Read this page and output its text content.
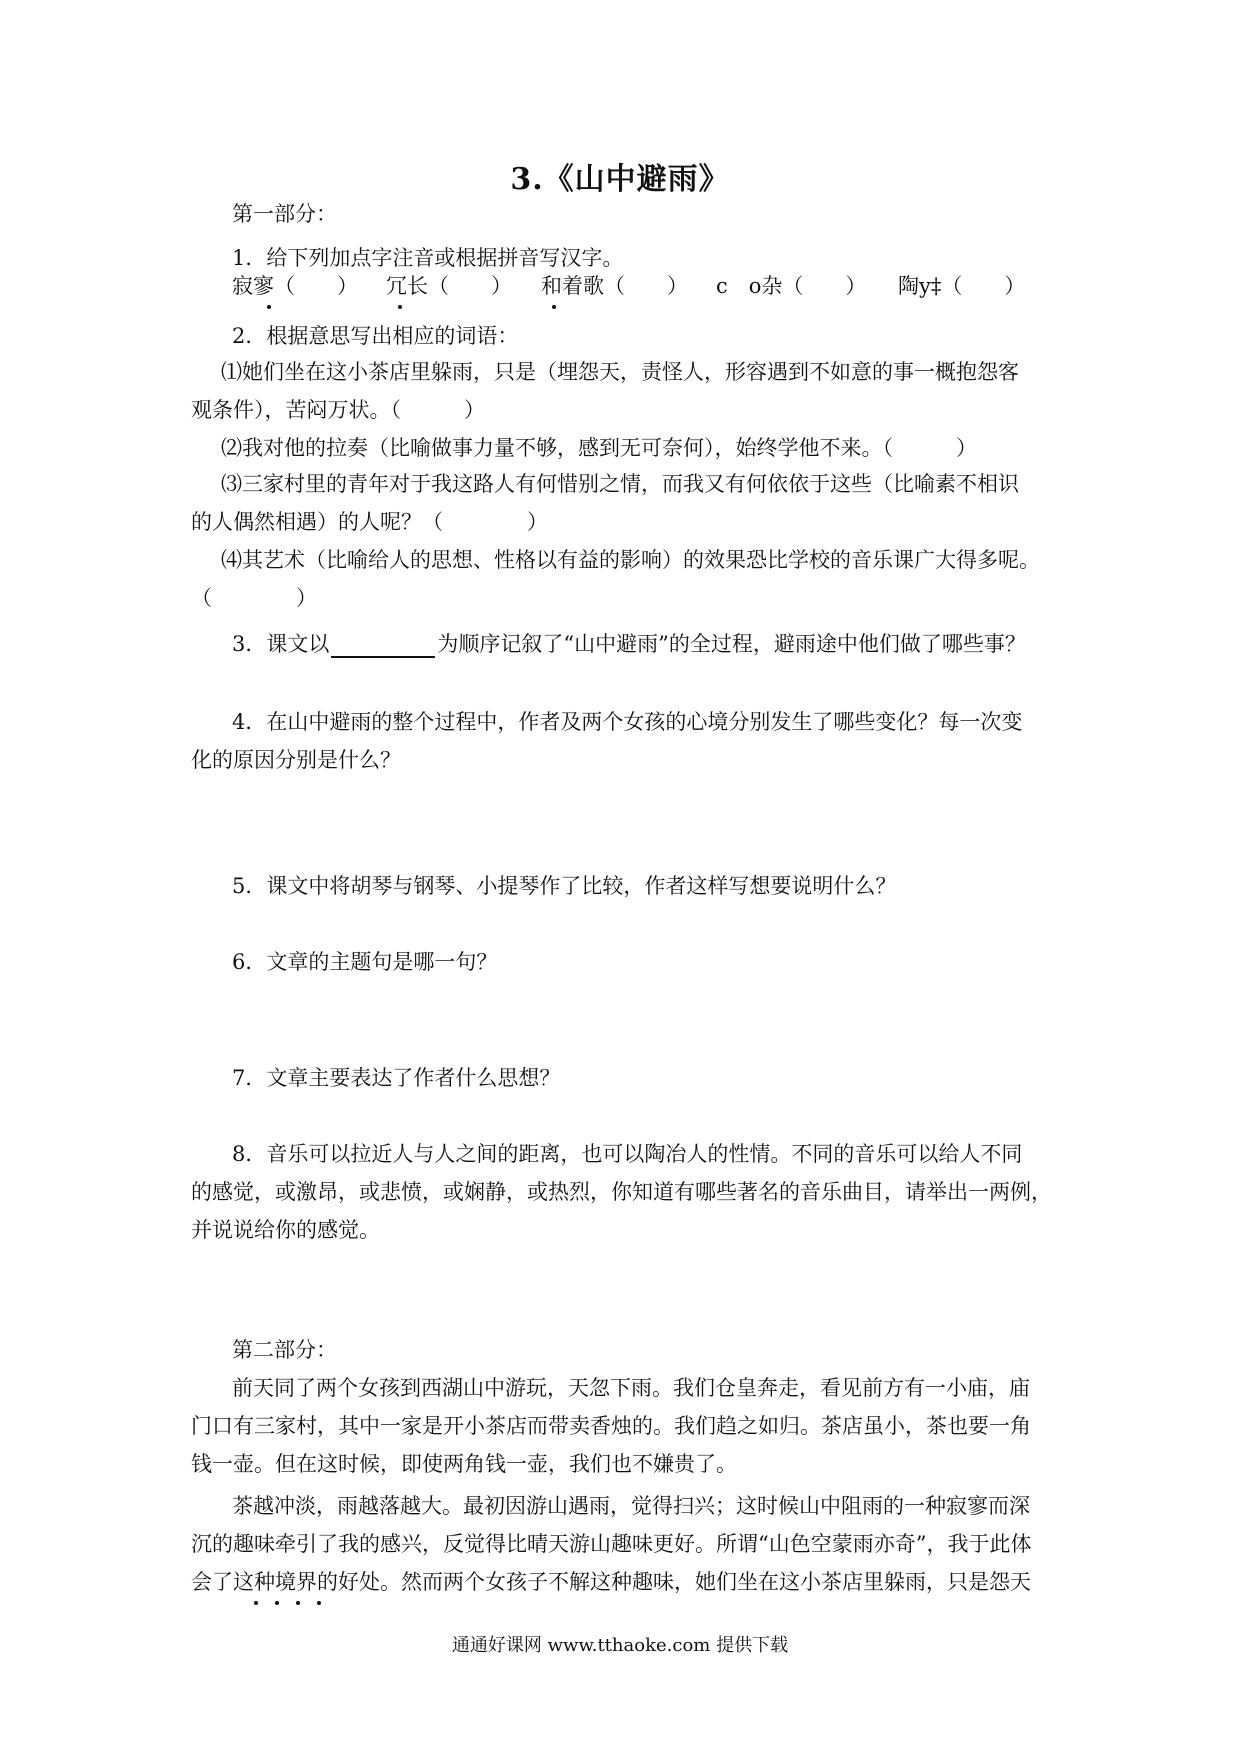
3.《山中避雨》
第一部分：
1．给下列加点字注音或根据拼音写汉字。
寂寥（　　） 冗长（　　） 和着歌（　　） c　o杂（　　） 陶y‡（　　）
2．根据意思写出相应的词语：
⑴她们坐在这小茶店里躲雨，只是（埋怨天，责怪人，形容遇到不如意的事一概抱怨客
观条件），苦闷万状。（　　　）
⑵我对他的拉奏（比喻做事力量不够，感到无可奈何），始终学他不来。（　　　）
⑶三家村里的青年对于我这路人有何惜别之情，而我又有何依依于这些（比喻素不相识
的人偶然相遇）的人呢？（　　　　）
⑷其艺术（比喻给人的思想、性格以有益的影响）的效果恐比学校的音乐课广大得多呢。
（　　　　）
3．课文以	为顺序记叙了“山中避雨”的全过程，避雨途中他们做了哪些事？
4．在山中避雨的整个过程中，作者及两个女孩的心境分别发生了哪些变化？每一次变
化的原因分别是什么？
5．课文中将胡琴与钢琴、小提琴作了比较，作者这样写想要说明什么？
6．文章的主题句是哪一句？
7．文章主要表达了作者什么思想？
8．音乐可以拉近人与人之间的距离，也可以陶冶人的性情。不同的音乐可以给人不同
的感觉，或激昂，或悲愤，或娴静，或热烈，你知道有哪些著名的音乐曲目，请举出一两例，
并说说给你的感觉。
第二部分：
前天同了两个女孩到西湖山中游玩，天忽下雨。我们仓皇奔走，看见前方有一小庙，庙
门口有三家村，其中一家是开小茶店而带卖香烛的。我们趋之如归。茶店虽小，茶也要一角
钱一壶。但在这时候，即使两角钱一壶，我们也不嫌贵了。
茶越冲淡，雨越落越大。最初因游山遇雨，觉得扫兴；这时候山中阻雨的一种寂寥而深
沉的趣味牵引了我的感兴，反觉得比晴天游山趣味更好。所谓“山色空蒙雨亦奇”，我于此体
会了这种境界的好处。然而两个女孩子不解这种趣味，她们坐在这小茶店里躲雨，只是怨天
通通好课网 www.tthaoke.com 提供下载
